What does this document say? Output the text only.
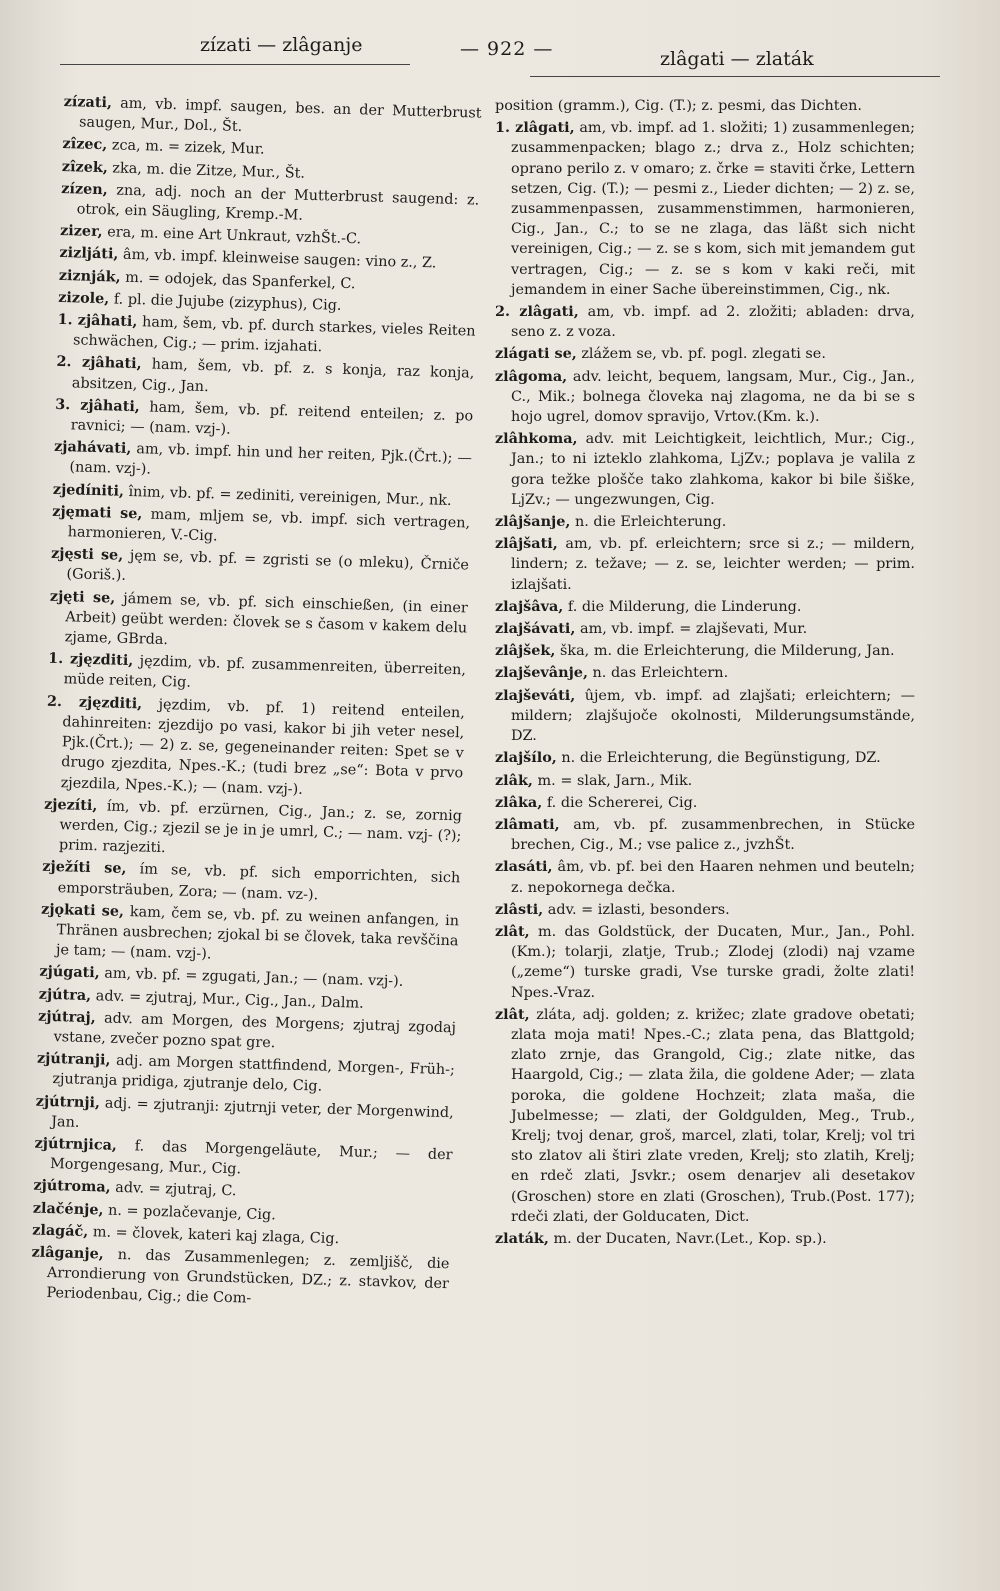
zízati — zlâganje	— 922 —	zlâgati — zlaták

zízati, am, vb. impf. saugen, bes. an der Mutterbrust saugen, Mur., Dol., Št.

zîzec, zca, m. = zizek, Mur.

zîzek, zka, m. die Zitze, Mur., Št.

zízen, zna, adj. noch an der Mutterbrust saugend: z. otrok, ein Säugling, Kremp.-M.

zizer, era, m. eine Art Unkraut, vzhŠt.-C.

zizljáti, âm, vb. impf. kleinweise saugen: vino z., Z.

ziznják, m. = odojek, das Spanferkel, C.

zizole, f. pl. die Jujube (zizyphus), Cig.

1. zjâhati, ham, šem, vb. pf. durch starkes, vieles Reiten schwächen, Cig.; — prim. izjahati.

2. zjâhati, ham, šem, vb. pf. z. s konja, raz konja, absitzen, Cig., Jan.

3. zjâhati, ham, šem, vb. pf. reitend enteilen; z. po ravnici; — (nam. vzj-).

zjahávati, am, vb. impf. hin und her reiten, Pjk.(Črt.); — (nam. vzj-).

zjedíniti, înim, vb. pf. = zediniti, vereinigen, Mur., nk.

zjęmati se, mam, mljem se, vb. impf. sich vertragen, harmonieren, V.-Cig.

zjęsti se, jęm se, vb. pf. = zgristi se (o mleku), Črniče (Goriš.).

zjęti se, jámem se, vb. pf. sich einschießen, (in einer Arbeit) geübt werden: človek se s časom v kakem delu zjame, GBrda.

1. zjęzditi, jęzdim, vb. pf. zusammenreiten, überreiten, müde reiten, Cig.

2. zjęzditi, jęzdim, vb. pf. 1) reitend enteilen, dahinreiten: zjezdijo po vasi, kakor bi jih veter nesel, Pjk.(Črt.); — 2) z. se, gegeneinander reiten: Spet se v drugo zjezdita, Npes.-K.; (tudi brez „se“: Bota v prvo zjezdila, Npes.-K.); — (nam. vzj-).

zjezíti, ím, vb. pf. erzürnen, Cig., Jan.; z. se, zornig werden, Cig.; zjezil se je in je umrl, C.; — nam. vzj- (?); prim. razjeziti.

zježíti se, ím se, vb. pf. sich emporrichten, sich emporsträuben, Zora; — (nam. vz-).

zjǫkati se, kam, čem se, vb. pf. zu weinen anfangen, in Thränen ausbrechen; zjokal bi se človek, taka revščina je tam; — (nam. vzj-).

zjúgati, am, vb. pf. = zgugati, Jan.; — (nam. vzj-).

zjútra, adv. = zjutraj, Mur., Cig., Jan., Dalm.

zjútraj, adv. am Morgen, des Morgens; zjutraj zgodaj vstane, zvečer pozno spat gre.

zjútranji, adj. am Morgen stattfindend, Morgen-, Früh-; zjutranja pridiga, zjutranje delo, Cig.

zjútrnji, adj. = zjutranji: zjutrnji veter, der Morgenwind, Jan.

zjútrnjica, f. das Morgengeläute, Mur.; — der Morgengesang, Mur., Cig.

zjútroma, adv. = zjutraj, C.

zlačénje, n. = pozlačevanje, Cig.

zlagáč, m. = človek, kateri kaj zlaga, Cig.

zlâganje, n. das Zusammenlegen; z. zemljišč, die Arrondierung von Grundstücken, DZ.; z. stavkov, der Periodenbau, Cig.; die Com-

position (gramm.), Cig. (T.); z. pesmi, das Dichten.

1. zlâgati, am, vb. impf. ad 1. složiti; 1) zusammenlegen; zusammenpacken; blago z.; drva z., Holz schichten; oprano perilo z. v omaro; z. črke = staviti črke, Lettern setzen, Cig. (T.); — pesmi z., Lieder dichten; — 2) z. se, zusammenpassen, zusammenstimmen, harmonieren, Cig., Jan., C.; to se ne zlaga, das läßt sich nicht vereinigen, Cig.; — z. se s kom, sich mit jemandem gut vertragen, Cig.; — z. se s kom v kaki reči, mit jemandem in einer Sache übereinstimmen, Cig., nk.

2. zlâgati, am, vb. impf. ad 2. zložiti; abladen: drva, seno z. z voza.

zlágati se, zlážem se, vb. pf. pogl. zlegati se.

zlâgoma, adv. leicht, bequem, langsam, Mur., Cig., Jan., C., Mik.; bolnega človeka naj zlagoma, ne da bi se s hojo ugrel, domov spravijo, Vrtov.(Km. k.).

zlâhkoma, adv. mit Leichtigkeit, leichtlich, Mur.; Cig., Jan.; to ni izteklo zlahkoma, LjZv.; poplava je valila z gora težke plošče tako zlahkoma, kakor bi bile šiške, LjZv.; — ungezwungen, Cig.

zlâjšanje, n. die Erleichterung.

zlâjšati, am, vb. pf. erleichtern; srce si z.; — mildern, lindern; z. težave; — z. se, leichter werden; — prim. izlajšati.

zlajšâva, f. die Milderung, die Linderung.

zlajšávati, am, vb. impf. = zlajševati, Mur.

zlâjšek, ška, m. die Erleichterung, die Milderung, Jan.

zlajševânje, n. das Erleichtern.

zlajševáti, ûjem, vb. impf. ad zlajšati; erleichtern; — mildern; zlajšujoče okolnosti, Milderungsumstände, DZ.

zlajšílo, n. die Erleichterung, die Begünstigung, DZ.

zlâk, m. = slak, Jarn., Mik.

zlâka, f. die Schererei, Cig.

zlâmati, am, vb. pf. zusammenbrechen, in Stücke brechen, Cig., M.; vse palice z., jvzhŠt.

zlasáti, âm, vb. pf. bei den Haaren nehmen und beuteln; z. nepokornega dečka.

zlâsti, adv. = izlasti, besonders.

zlât, m. das Goldstück, der Ducaten, Mur., Jan., Pohl.(Km.); tolarji, zlatje, Trub.; Zlodej (zlodi) naj vzame („zeme“) turske gradi, Vse turske gradi, žolte zlati! Npes.-Vraz.

zlât, zláta, adj. golden; z. križec; zlate gradove obetati; zlata moja mati! Npes.-C.; zlata pena, das Blattgold; zlato zrnje, das Grangold, Cig.; zlate nitke, das Haargold, Cig.; — zlata žila, die goldene Ader; — zlata poroka, die goldene Hochzeit; zlata maša, die Jubelmesse; — zlati, der Goldgulden, Meg., Trub., Krelj; tvoj denar, groš, marcel, zlati, tolar, Krelj; vol tri sto zlatov ali štiri zlate vreden, Krelj; sto zlatih, Krelj; en rdeč zlati, Jsvkr.; osem denarjev ali desetakov (Groschen) store en zlati (Groschen), Trub.(Post. 177); rdeči zlati, der Golducaten, Dict.

zlaták, m. der Ducaten, Navr.(Let., Kop. sp.).
